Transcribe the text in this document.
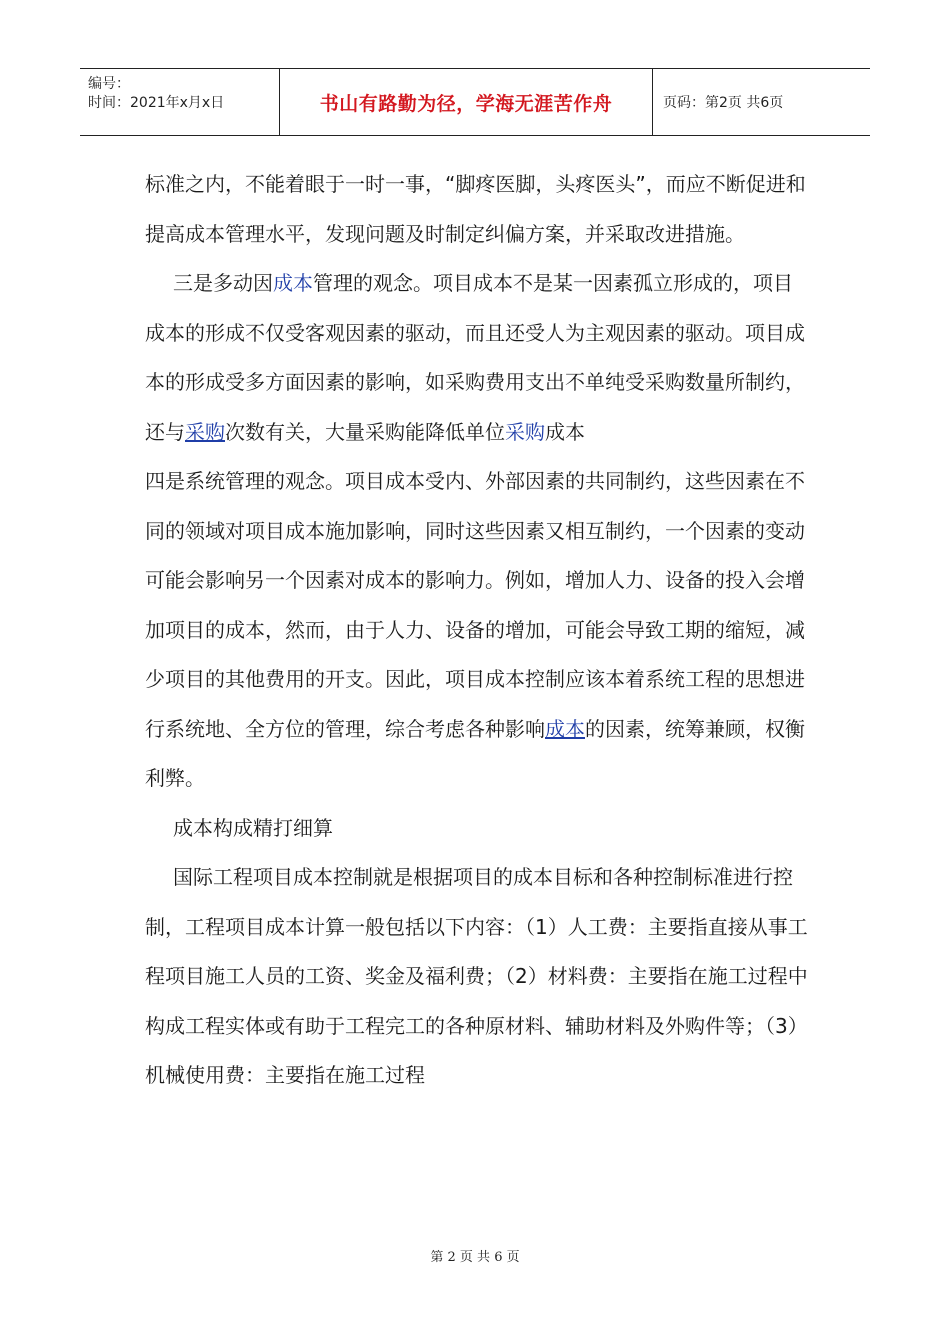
编号：
时间：2021年x月x日	书山有路勤为径，学海无涯苦作舟	页码：第2页 共6页

标准之内，不能着眼于一时一事，“脚疼医脚，头疼医头”，而应不断促进和提高成本管理水平，发现问题及时制定纠偏方案，并采取改进措施。

三是多动因成本管理的观念。项目成本不是某一因素孤立形成的，项目成本的形成不仅受客观因素的驱动，而且还受人为主观因素的驱动。项目成本的形成受多方面因素的影响，如采购费用支出不单纯受采购数量所制约，还与采购次数有关，大量采购能降低单位采购成本

四是系统管理的观念。项目成本受内、外部因素的共同制约，这些因素在不同的领域对项目成本施加影响，同时这些因素又相互制约，一个因素的变动可能会影响另一个因素对成本的影响力。例如，增加人力、设备的投入会增加项目的成本，然而，由于人力、设备的增加，可能会导致工期的缩短，减少项目的其他费用的开支。因此，项目成本控制应该本着系统工程的思想进行系统地、全方位的管理，综合考虑各种影响成本的因素，统筹兼顾，权衡利弊。

成本构成精打细算

国际工程项目成本控制就是根据项目的成本目标和各种控制标准进行控制，工程项目成本计算一般包括以下内容：（1）人工费：主要指直接从事工程项目施工人员的工资、奖金及福利费；（2）材料费：主要指在施工过程中构成工程实体或有助于工程完工的各种原材料、辅助材料及外购件等；（3）机械使用费：主要指在施工过程

第 2 页 共 6 页
